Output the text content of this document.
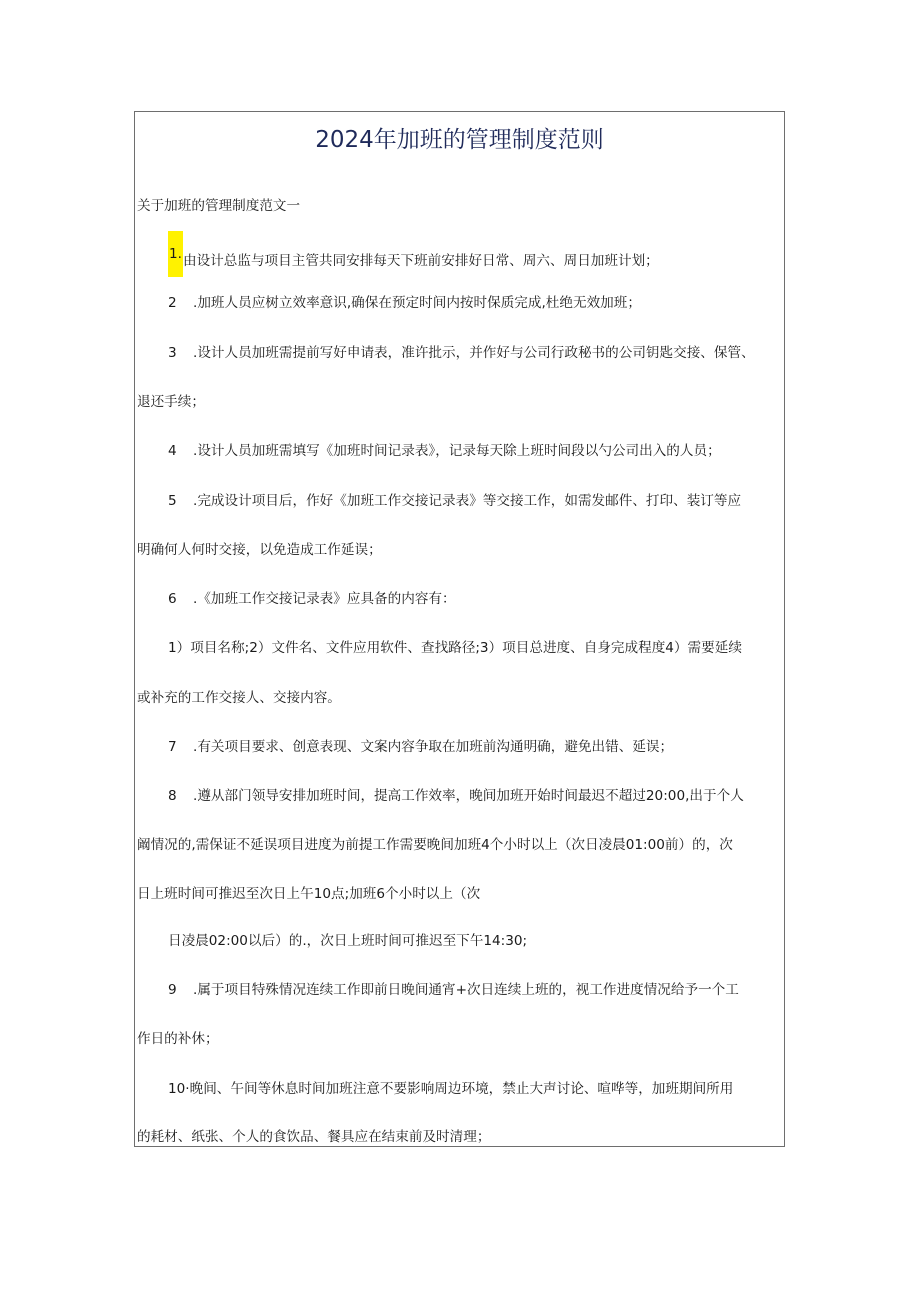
2024年加班的管理制度范则
关于加班的管理制度范文一
1.由设计总监与项目主管共同安排每天下班前安排好日常、周六、周日加班计划；
2 .加班人员应树立效率意识,确保在预定时间内按时保质完成,杜绝无效加班；
3 .设计人员加班需提前写好申请表，准许批示，并作好与公司行政秘书的公司钥匙交接、保管、
退还手续；
4 .设计人员加班需填写《加班时间记录表》，记录每天除上班时间段以勺公司出入的人员；
5 .完成设计项目后，作好《加班工作交接记录表》等交接工作，如需发邮件、打印、装订等应
明确何人何时交接，以免造成工作延误；
6 .《加班工作交接记录表》应具备的内容有：
1）项目名称;2）文件名、文件应用软件、查找路径;3）项目总进度、自身完成程度4）需要延续
或补充的工作交接人、交接内容。
7 .有关项目要求、创意表现、文案内容争取在加班前沟通明确，避免出错、延误；
8 .遵从部门领导安排加班时间，提高工作效率，晚间加班开始时间最迟不超过20:00,出于个人
阚情况的,需保证不延误项目进度为前提工作需要晚间加班4个小时以上（次日凌晨01:00前）的，次
日上班时间可推迟至次日上午10点;加班6个小时以上（次
日凌晨02:00以后）的.，次日上班时间可推迟至下午14:30;
9 .属于项目特殊情况连续工作即前日晚间通宵+次日连续上班的，视工作进度情况给予一个工
作日的补休；
10·晚间、午间等休息时间加班注意不要影响周边环境，禁止大声讨论、喧哗等，加班期间所用
的耗材、纸张、个人的食饮品、餐具应在结束前及时清理；
